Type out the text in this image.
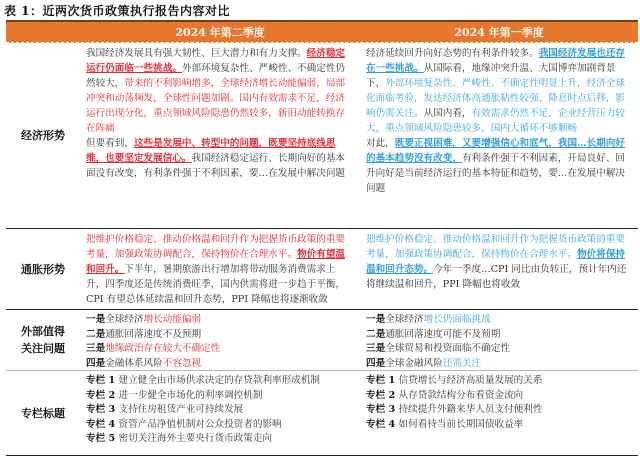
表 1：近两次货币政策执行报告内容对比
2024 年第二季度	2024 年第一季度
经济形势
我国经济发展具有强大韧性、巨大潜力和有力支撑。经济稳定运行仍面临一些挑战。外部环境复杂性、严峻性、不确定性仍然较大，带来的不利影响增多，全球经济增长动能偏弱，局部冲突和动荡频发，全球性问题加剧。国内有效需求不足，经济运行出现分化，重点领域风险隐患仍然较多，新旧动能转换存在阵痛
但要看到，这些是发展中、转型中的问题，既要坚持底线思维，也要坚定发展信心。我国经济稳定运行、长期向好的基本面没有改变，有利条件强于不利因素，要…在发展中解决问题
经济延续回升向好态势的有利条件较多。我国经济发展也还存在一些挑战。从国际看，地缘冲突升温、大国博弈加剧背景下，外部环境复杂性、严峻性、不确定性明显上升，经济全球化面临考验，发达经济体高通胀粘性较强、降息时点后移，影响仍需关注。从国内看，有效需求仍然不足，企业经营压力较大，重点领域风险隐患较多，国内大循环不够顺畅
对此，既要正视困难，又要增强信心和底气，我国…长期向好的基本趋势没有改变，有利条件强于不利因素，开局良好、回升向好是当前经济运行的基本特征和趋势，要…在发展中解决问题
通胀形势
把维护价格稳定、推动价格温和回升作为把握货币政策的重要考量，加强政策协调配合，保持物价在合理水平。物价有望温和回升。下半年，暑期旅游出行增加将带动服务消费需求上升，四季度还是传统消费旺季，国内供需将进一步趋于平衡，CPI 有望总体延续温和回升态势，PPI 降幅也将逐渐收敛
把维护价格稳定、推动价格温和回升作为把握货币政策的重要考量，加强政策协调配合，保持物价在合理水平。物价将保持温和回升态势。今年一季度…CPI 同比由负转正，预计年内还将继续温和回升，PPI 降幅也将收敛
外部值得关注问题
一是全球经济增长动能偏弱
二是通胀回落速度不及预期
三是地缘政治存在较大不确定性
四是金融体系风险不容忽视
一是全球经济增长仍面临挑战
二是通胀回落速度可能不及预期
三是全球贸易和投资面临不确定性
四是全球金融风险还需关注
专栏标题
专栏 1 建立健全由市场供求决定的存贷款利率形成机制
专栏 2 进一步健全市场化的利率调控机制
专栏 3 支持住房租赁产业可持续发展
专栏 4 资管产品净值机制对公众投资者的影响
专栏 5 密切关注海外主要央行货币政策走向
专栏 1 信贷增长与经济高质量发展的关系
专栏 2 从存贷款结构分布看资金流向
专栏 3 持续提升外籍来华人员支付便利性
专栏 4 如何看待当前长期国债收益率
